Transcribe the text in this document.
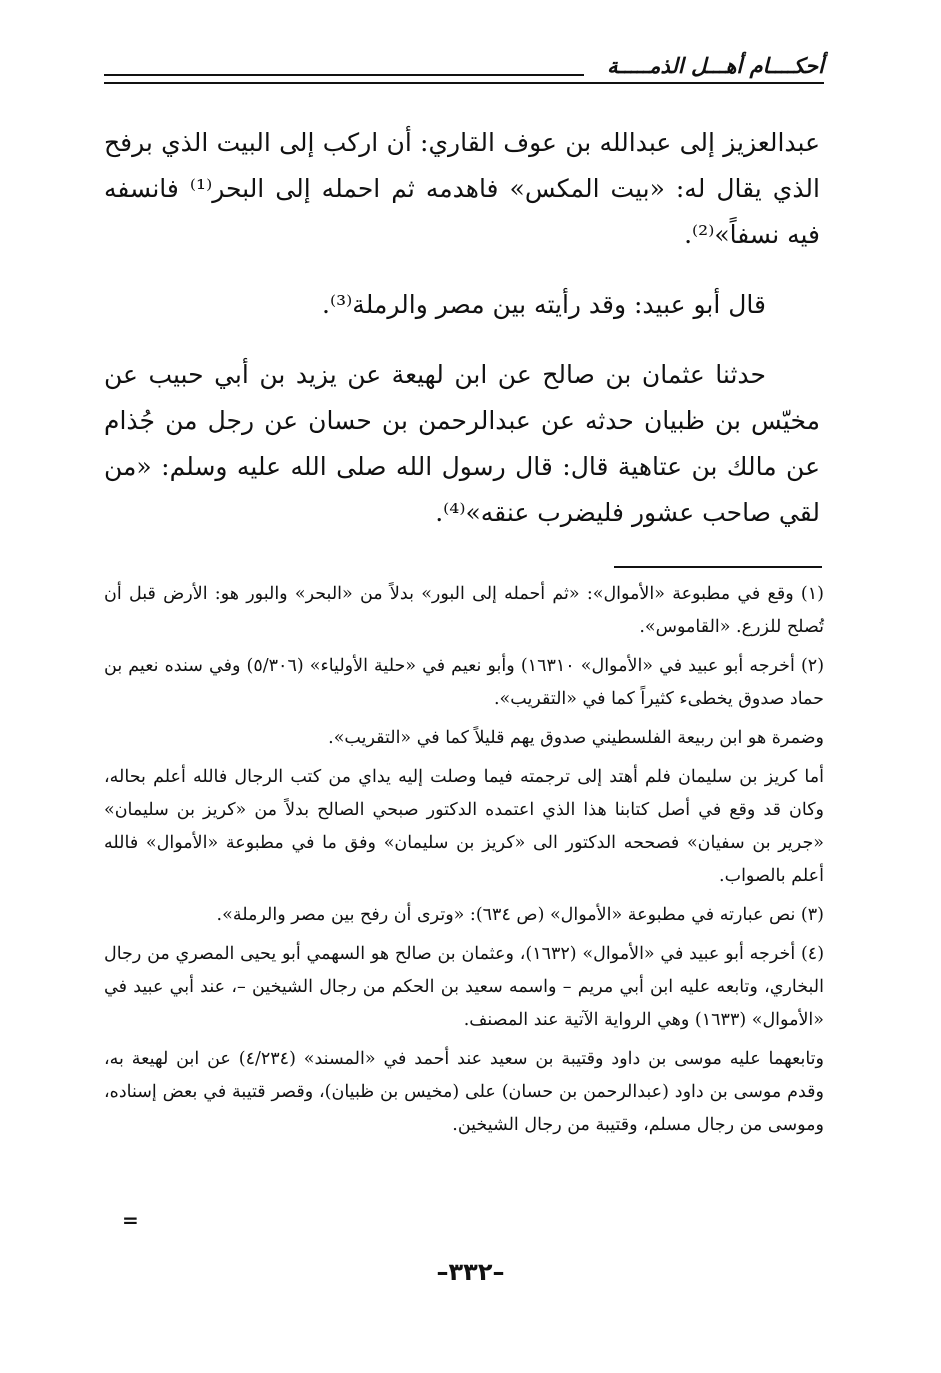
أحكــــام أهـــل الذمـــــة

عبدالعزيز إلى عبدالله بن عوف القاري: أن اركب إلى البيت الذي برفح الذي يقال له: «بيت المكس» فاهدمه ثم احمله إلى البحر⁽¹⁾ فانسفه فيه نسفاً»⁽²⁾.

قال أبو عبيد: وقد رأيته بين مصر والرملة⁽³⁾.

حدثنا عثمان بن صالح عن ابن لهيعة عن يزيد بن أبي حبيب عن مخيّس بن ظبيان حدثه عن عبدالرحمن بن حسان عن رجل من جُذام عن مالك بن عتاهية قال: قال رسول الله صلى الله عليه وسلم: «من لقي صاحب عشور فليضرب عنقه»⁽⁴⁾.

(١) وقع في مطبوعة «الأموال»: «ثم أحمله إلى البور» بدلاً من «البحر» والبور هو: الأرض قبل أن تُصلح للزرع. «القاموس».

(٢) أخرجه أبو عبيد في «الأموال» ١٦٣١٠) وأبو نعيم في «حلية الأولياء» (٥/٣٠٦) وفي سنده نعيم بن حماد صدوق يخطىء كثيراً كما في «التقريب».

وضمرة هو ابن ربيعة الفلسطيني صدوق يهم قليلاً كما في «التقريب».

أما كريز بن سليمان فلم أهتد إلى ترجمته فيما وصلت إليه يداي من كتب الرجال فالله أعلم بحاله، وكان قد وقع في أصل كتابنا هذا الذي اعتمده الدكتور صبحي الصالح بدلاً من «كريز بن سليمان» «جرير بن سفيان» فصححه الدكتور الى «كريز بن سليمان» وفق ما في مطبوعة «الأموال» فالله أعلم بالصواب.

(٣) نص عبارته في مطبوعة «الأموال» (ص ٦٣٤): «وترى أن رفح بين مصر والرملة».

(٤) أخرجه أبو عبيد في «الأموال» (١٦٣٢)، وعثمان بن صالح هو السهمي أبو يحيى المصري من رجال البخاري، وتابعه عليه ابن أبي مريم – واسمه سعيد بن الحكم من رجال الشيخين –، عند أبي عبيد في «الأموال» (١٦٣٣) وهي الرواية الآتية عند المصنف.

وتابعهما عليه موسى بن داود وقتيبة بن سعيد عند أحمد في «المسند» (٤/٢٣٤) عن ابن لهيعة به، وقدم موسى بن داود (عبدالرحمن بن حسان) على (مخيس بن ظبيان)، وقصر قتيبة في بعض إسناده، وموسى من رجال مسلم، وقتيبة من رجال الشيخين.

=
–٣٣٢–
